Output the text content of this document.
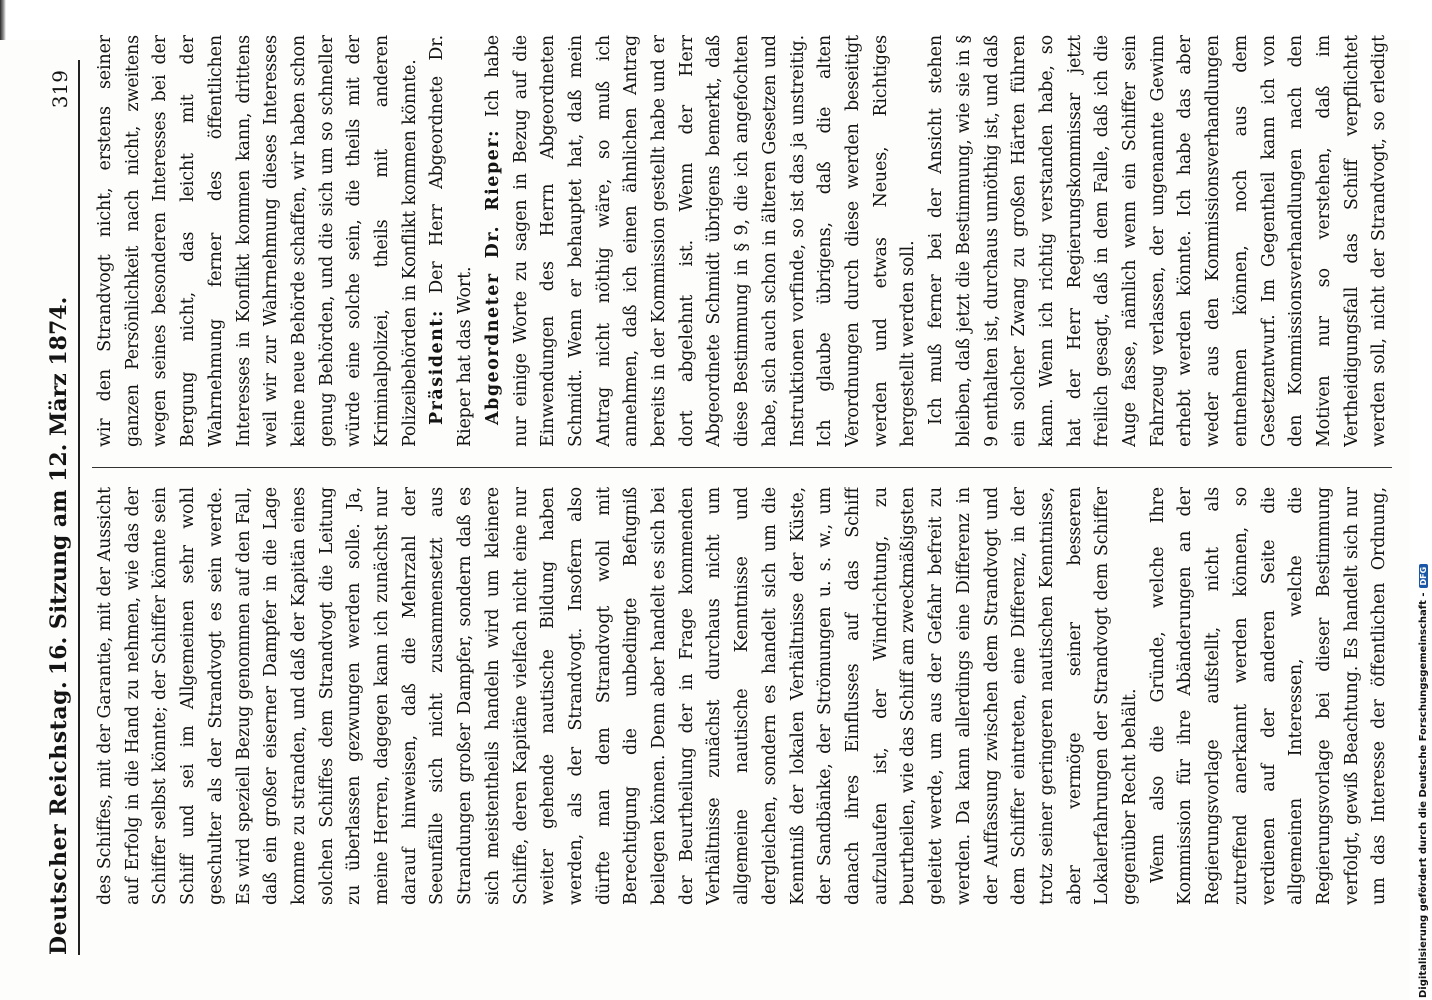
Deutscher Reichstag.
16. Sitzung am 12. März 1874.
319

des Schiffes, mit der Garantie, mit der Aussicht auf Erfolg in die Hand zu nehmen, wie das der Schiffer selbst könnte; der Schiffer könnte sein Schiff und sei im Allgemeinen sehr wohl geschulter als der Strandvogt es sein werde. Es wird speziell Bezug genommen auf den Fall, daß ein großer eiserner Dampfer in die Lage komme zu stranden, und daß der Kapitän eines solchen Schiffes dem Strandvogt die Leitung zu überlassen gezwungen werden solle. Ja, meine Herren, dagegen kann ich zunächst nur darauf hinweisen, daß die Mehrzahl der Seeunfälle sich nicht zusammensetzt aus Strandungen großer Dampfer, sondern daß es sich meistentheils handeln wird um kleinere Schiffe, deren Kapitäne vielfach nicht eine nur weiter gehende nautische Bildung haben werden, als der Strandvogt. Insofern also dürfte man dem Strandvogt wohl mit Berechtigung die unbedingte Befugniß beilegen können. Denn aber handelt es sich bei der Beurtheilung der in Frage kommenden Verhältnisse zunächst durchaus nicht um allgemeine nautische Kenntnisse und dergleichen, sondern es handelt sich um die Kenntniß der lokalen Verhältnisse der Küste, der Sandbänke, der Strömungen u. s. w., um danach ihres Einflusses auf das Schiff aufzulaufen ist, der Windrichtung, zu beurtheilen, wie das Schiff am zweckmäßigsten geleitet werde, um aus der Gefahr befreit zu werden. Da kann allerdings eine Differenz in der Auffassung zwischen dem Strandvogt und dem Schiffer eintreten, eine Differenz, in der trotz seiner geringeren nautischen Kenntnisse, aber vermöge seiner besseren Lokalerfahrungen der Strandvogt dem Schiffer gegenüber Recht behält. Wenn also die Gründe, welche Ihre Kommission für ihre Abänderungen an der Regierungsvorlage aufstellt, nicht als zutreffend anerkannt werden können, so verdienen auf der anderen Seite die allgemeinen Interessen, welche die Regierungsvorlage bei dieser Bestimmung verfolgt, gewiß Beachtung. Es handelt sich nur um das Interesse der öffentlichen Ordnung,

wir den Strandvogt nicht, erstens seiner ganzen Persönlichkeit nach nicht, zweitens wegen seines besonderen Interesses bei der Bergung nicht, das leicht mit der Wahrnehmung ferner des öffentlichen Interesses in Konflikt kommen kann, drittens weil wir zur Wahrnehmung dieses Interesses keine neue Behörde schaffen, wir haben schon genug Behörden, und die sich um so schneller würde eine solche sein, die theils mit der Kriminalpolizei, theils mit anderen Polizeibehörden in Konflikt kommen könnte. Präsident: Der Herr Abgeordnete Dr. Rieper hat das Wort. Abgeordneter Dr. Rieper: Ich habe nur einige Worte zu sagen in Bezug auf die Einwendungen des Herrn Abgeordneten Schmidt. Wenn er behauptet hat, daß mein Antrag nicht nöthig wäre, so muß ich annehmen, daß ich einen ähnlichen Antrag bereits in der Kommission gestellt habe und er dort abgelehnt ist. Wenn der Herr Abgeordnete Schmidt übrigens bemerkt, daß diese Bestimmung in § 9, die ich angefochten habe, sich auch schon in älteren Gesetzen und Instruktionen vorfinde, so ist das ja unstreitig. Ich glaube übrigens, daß die alten Verordnungen durch diese werden beseitigt werden und etwas Neues, Richtiges hergestellt werden soll. Ich muß ferner bei der Ansicht stehen bleiben, daß jetzt die Bestimmung, wie sie in § 9 enthalten ist, durchaus unnöthig ist, und daß ein solcher Zwang zu großen Härten führen kann. Wenn ich richtig verstanden habe, so hat der Herr Regierungskommissar jetzt freilich gesagt, daß in dem Falle, daß ich die Auge fasse, nämlich wenn ein Schiffer sein Fahrzeug verlassen, der ungenannte Gewinn erhebt werden könnte. Ich habe das aber weder aus den Kommissionsverhandlungen entnehmen können, noch aus dem Gesetzentwurf. Im Gegentheil kann ich von den Kommissionsverhandlungen nach den Motiven nur so verstehen, daß im Vertheidigungsfall das Schiff verpflichtet werden soll, nicht der Strandvogt, so erledigt

Digitalisierung gefördert durch die Deutsche Forschungsgemeinschaft -DFG
